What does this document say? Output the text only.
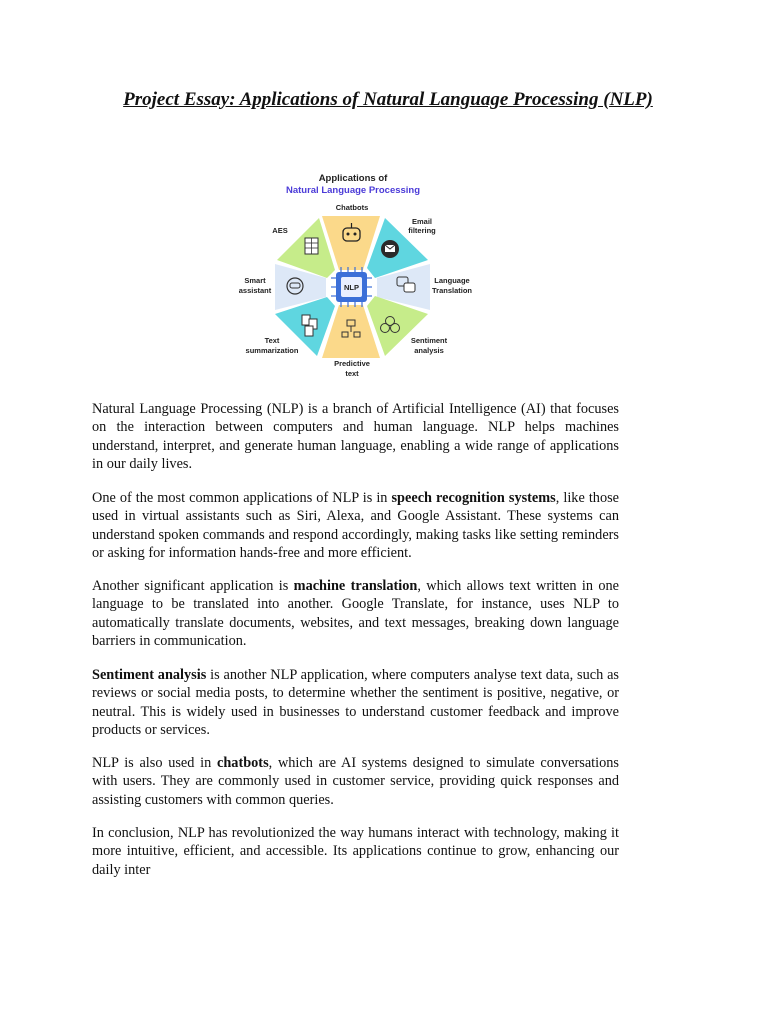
Project Essay: Applications of Natural Language Processing (NLP)
Applications of
Natural Language Processing
NLP
Chatbots
Email
filtering
AES
Language
Translation
Smart
assistant
Sentiment
analysis
Text
summarization
Predictive
text

Natural Language Processing (NLP) is a branch of Artificial Intelligence (AI) that focuses on the interaction between computers and human language. NLP helps machines understand, interpret, and generate human language, enabling a wide range of applications in our daily lives.

One of the most common applications of NLP is in speech recognition systems, like those used in virtual assistants such as Siri, Alexa, and Google Assistant. These systems can understand spoken commands and respond accordingly, making tasks like setting reminders or asking for information hands-free and more efficient.

Another significant application is machine translation, which allows text written in one language to be translated into another. Google Translate, for instance, uses NLP to automatically translate documents, websites, and text messages, breaking down language barriers in communication.

Sentiment analysis is another NLP application, where computers analyse text data, such as reviews or social media posts, to determine whether the sentiment is positive, negative, or neutral. This is widely used in businesses to understand customer feedback and improve products or services.

NLP is also used in chatbots, which are AI systems designed to simulate conversations with users. They are commonly used in customer service, providing quick responses and assisting customers with common queries.

In conclusion, NLP has revolutionized the way humans interact with technology, making it more intuitive, efficient, and accessible. Its applications continue to grow, enhancing our daily inter
